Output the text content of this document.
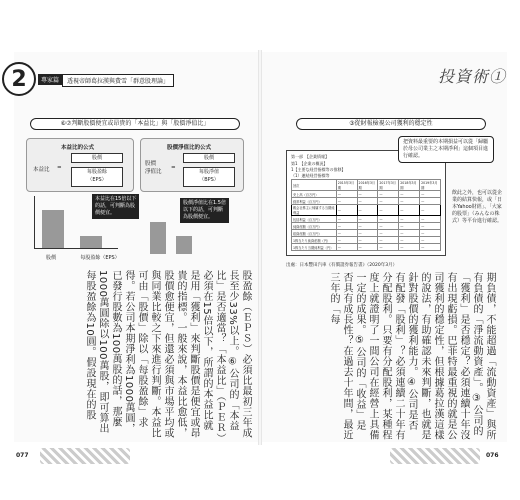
2	專家篇	透視帝師葛拉漢與費雪「群意股理論」	投資術①
⑥⑦判斷股價便宜或昂貴的「本益比」與「股價淨值比」
本益比的公式
本益比 =
股價
每股盈餘
（EPS）
股價淨值比的公式
股價
淨值比
=
股價
每股淨值
（BPS）
股價	每股盈餘（EPS）
本益比在15倍以下
的話，可判斷為股
價便宜。
股價淨值比在1.5倍
以下的話，可判斷
為股價便宜。
股盈餘（ＥＰＳ）必須比最初三年成長至少33%以上。⑥公司的「本益比」是否適當？「本益比」（ＰＥＲ）必須在15倍以下，所謂的本益比就是用「獲利」來判斷股價是便宜或昂貴的指標。一般來說，本益比愈低，股價愈便宜，但還必須與市場平均或與同業比較之下來進行判斷。本益比可由「股價」除以「每股盈餘」求得。若公司本期淨利為1000萬圓，已發行股數為100萬股的話，那麼1000萬圓除以100萬股，即可算出每股盈餘為10圓。假設現在的股
③從財報檢視公司獲利的穩定性
第一部　【企業情報】
第1　【企業の概況】
1【主要な経営指標等の推移】
（1）連結経営指標等
回次	2015年3月期	2016年3月期	2017年3月期	2018年3月期	2019年3月期
売上高（百万円）	—	—	—	—	—
経常利益（百万円）	—	—	—	—	—
親会社株主に帰属する当期純利益	—	—	—	—	—
包括利益（百万円）	—	—	—	—	—
純資産額（百万円）	—	—	—	—	—
総資産額（百万円）	—	—	—	—	—
1株当たり純資産額（円）	—	—	—	—	—
1株当たり当期純利益（円）	—	—	—	—	—
把資料最重要的本期損益可以從「歸屬於母公司業主之本期淨利」這個項目進行確認。
飲此之外，也可以從企業的結算快報，或「日本Yahoo財經」、「大家的股票」（みんなの株式）等平台進行確認。
出處：日本豐田汽車《有價證券報告書》（2020年3月）
期負債，不能超過「流動資產」與所有負債的「淨流動資產」。③公司的「獲利」是否穩定？必須連續十年沒有出現虧損。巴菲特最重視的就是公司獲利的穩定性，但根據葛拉漢這樣的說法，有助確認未來判斷，也就是針對股價的獲利能力。④公司是否有配發「股利」？必須連續二十年有分配股利。只要有分配股利，某種程度上就證明了一間公司在經營上具備一定的成果。⑤公司的「收益」是否具有成長性？在過去十年間，最近三年的「每
077	076
